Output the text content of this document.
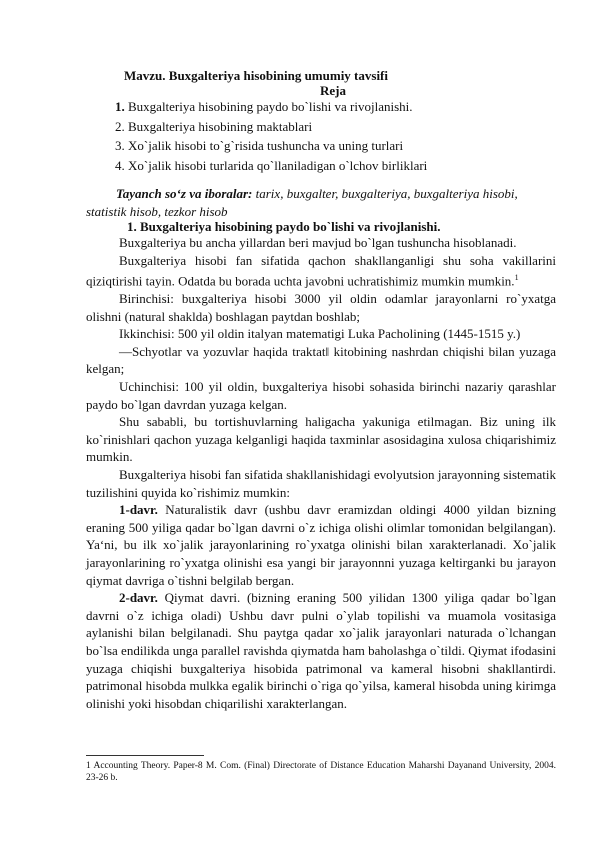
Mavzu. Buxgalteriya hisobining umumiy tavsifi
Reja
1. Buxgalteriya hisobining paydo bo`lishi va rivojlanishi.
2. Buxgalteriya hisobining maktablari
3. Xo`jalik hisobi to`g`risida tushuncha va uning turlari
4. Xo`jalik hisobi turlarida qo`llaniladigan o`lchov birliklari
Tayanch so‘z va iboralar: tarix, buxgalter, buxgalteriya, buxgalteriya hisobi, statistik hisob, tezkor hisob
1. Buxgalteriya hisobining paydo bo`lishi va rivojlanishi.

Buxgalteriya bu ancha yillardan beri mavjud bo`lgan tushuncha hisoblanadi.

Buxgalteriya hisobi fan sifatida qachon shakllanganligi shu soha vakillarini qiziqtirishi tayin. Odatda bu borada uchta javobni uchratishimiz mumkin mumkin.$^1$

Birinchisi: buxgalteriya hisobi 3000 yil oldin odamlar jarayonlarni ro`yxatga olishni (natural shaklda) boshlagan paytdan boshlab;

Ikkinchisi: 500 yil oldin italyan matematigi Luka Pacholining (1445-1515 y.)

―Schyotlar va yozuvlar haqida traktatǁ kitobining nashrdan chiqishi bilan yuzaga kelgan;

Uchinchisi: 100 yil oldin, buxgalteriya hisobi sohasida birinchi nazariy qarashlar paydo bo`lgan davrdan yuzaga kelgan.

Shu sababli, bu tortishuvlarning haligacha yakuniga etilmagan. Biz uning ilk ko`rinishlari qachon yuzaga kelganligi haqida taxminlar asosidagina xulosa chiqarishimiz mumkin.

Buxgalteriya hisobi fan sifatida shakllanishidagi evolyutsion jarayonning sistematik tuzilishini quyida ko`rishimiz mumkin:

1-davr. Naturalistik davr (ushbu davr eramizdan oldingi 4000 yildan bizning eraning 500 yiliga qadar bo`lgan davrni o`z ichiga olishi olimlar tomonidan belgilangan). Ya‘ni, bu ilk xo`jalik jarayonlarining ro`yxatga olinishi bilan xarakterlanadi. Xo`jalik jarayonlarining ro`yxatga olinishi esa yangi bir jarayonnni yuzaga keltirganki bu jarayon qiymat davriga o`tishni belgilab bergan.

2-davr. Qiymat davri. (bizning eraning 500 yilidan 1300 yiliga qadar bo`lgan davrni o`z ichiga oladi) Ushbu davr pulni o`ylab topilishi va muamola vositasiga aylanishi bilan belgilanadi. Shu paytga qadar xo`jalik jarayonlari naturada o`lchangan bo`lsa endilikda unga parallel ravishda qiymatda ham baholashga o`tildi. Qiymat ifodasini yuzaga chiqishi buxgalteriya hisobida patrimonal va kameral hisobni shakllantirdi. patrimonal hisobda mulkka egalik birinchi o`riga qo`yilsa, kameral hisobda uning kirimga olinishi yoki hisobdan chiqarilishi xarakterlangan.

1 Accounting Theory. Paper-8 M. Com. (Final) Directorate of Distance Education Maharshi Dayanand University, 2004. 23-26 b.
